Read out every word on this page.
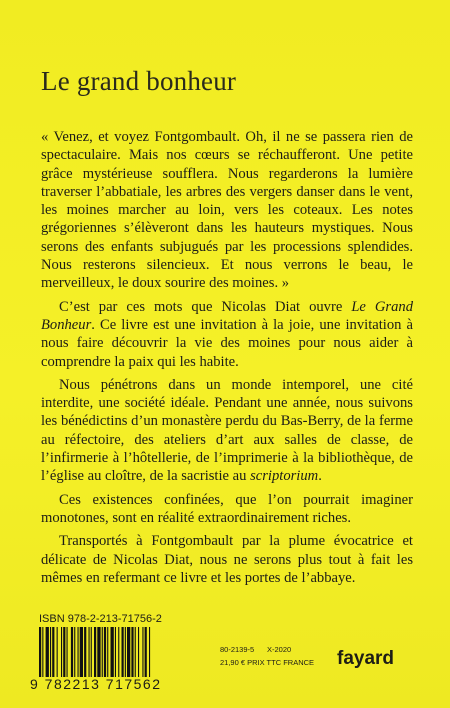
Le grand bonheur

« Venez, et voyez Fontgombault. Oh, il ne se passera rien de spectaculaire. Mais nos cœurs se réchaufferont. Une petite grâce mystérieuse soufflera. Nous regarderons la lumière traverser l’abbatiale, les arbres des vergers danser dans le vent, les moines marcher au loin, vers les coteaux. Les notes grégoriennes s’élèveront dans les hauteurs mystiques. Nous serons des enfants subjugués par les processions splendides. Nous resterons silencieux. Et nous verrons le beau, le merveilleux, le doux sourire des moines. »

C’est par ces mots que Nicolas Diat ouvre Le Grand Bonheur. Ce livre est une invitation à la joie, une invitation à nous faire découvrir la vie des moines pour nous aider à comprendre la paix qui les habite.

Nous pénétrons dans un monde intemporel, une cité interdite, une société idéale. Pendant une année, nous suivons les bénédictins d’un monastère perdu du Bas-Berry, de la ferme au réfectoire, des ateliers d’art aux salles de classe, de l’infirmerie à l’hôtellerie, de l’imprimerie à la bibliothèque, de l’église au cloître, de la sacristie au scriptorium.

Ces existences confinées, que l’on pourrait imaginer monotones, sont en réalité extraordinairement riches.

Transportés à Fontgombault par la plume évocatrice et délicate de Nicolas Diat, nous ne serons plus tout à fait les mêmes en refermant ce livre et les portes de l’abbaye.

ISBN 978-2-213-71756-2
9 782213 717562
80-2139-5	X-2020
21,90 € PRIX TTC FRANCE fayard
